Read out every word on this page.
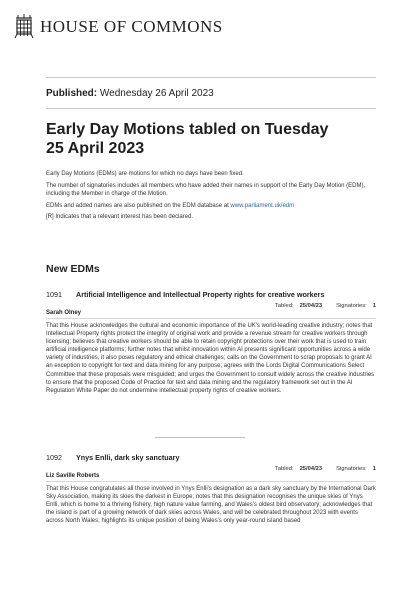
HOUSE OF COMMONS
Published: Wednesday 26 April 2023
Early Day Motions tabled on Tuesday 25 April 2023

Early Day Motions (EDMs) are motions for which no days have been fixed.

The number of signatories includes all members who have added their names in support of the Early Day Motion (EDM), including the Member in charge of the Motion.

EDMs and added names are also published on the EDM database at www.parliament.uk/edm

[R] Indicates that a relevant interest has been declared.

New EDMs
1091	Artificial Intelligence and Intellectual Property rights for creative workers
Tabled: 25/04/23 Signatories: 1
Sarah Olney
That this House acknowledges the cultural and economic importance of the UK's world-leading creative industry; notes that Intellectual Property rights protect the integrity of original work and provide a revenue stream for creative workers through licensing; believes that creative workers should be able to retain copyright protections over their work that is used to train artificial intelligence platforms; further notes that whilst innovation within AI presents significant opportunities across a wide variety of industries, it also poses regulatory and ethical challenges; calls on the Government to scrap proposals to grant AI an exception to copyright for text and data mining for any purpose; agrees with the Lords Digital Communications Select Committee that these proposals were misguided; and urges the Government to consult widely across the creative industries to ensure that the proposed Code of Practice for text and data mining and the regulatory framework set out in the AI Regulation White Paper do not undermine intellectual property rights of creative workers.
1092	Ynys Enlli, dark sky sanctuary
Tabled: 25/04/23 Signatories: 1
Liz Saville Roberts
That this House congratulates all those involved in Ynys Enlli's designation as a dark sky sanctuary by the International Dark Sky Association, making its skies the darkest in Europe; notes that this designation recognises the unique skies of Ynys Enlli, which is home to a thriving fishery, high nature value farming, and Wales's oldest bird observatory; acknowledges that the island is part of a growing network of dark skies across Wales, and will be celebrated throughout 2023 with events across North Wales; highlights its unique position of being Wales's only year-round island based
